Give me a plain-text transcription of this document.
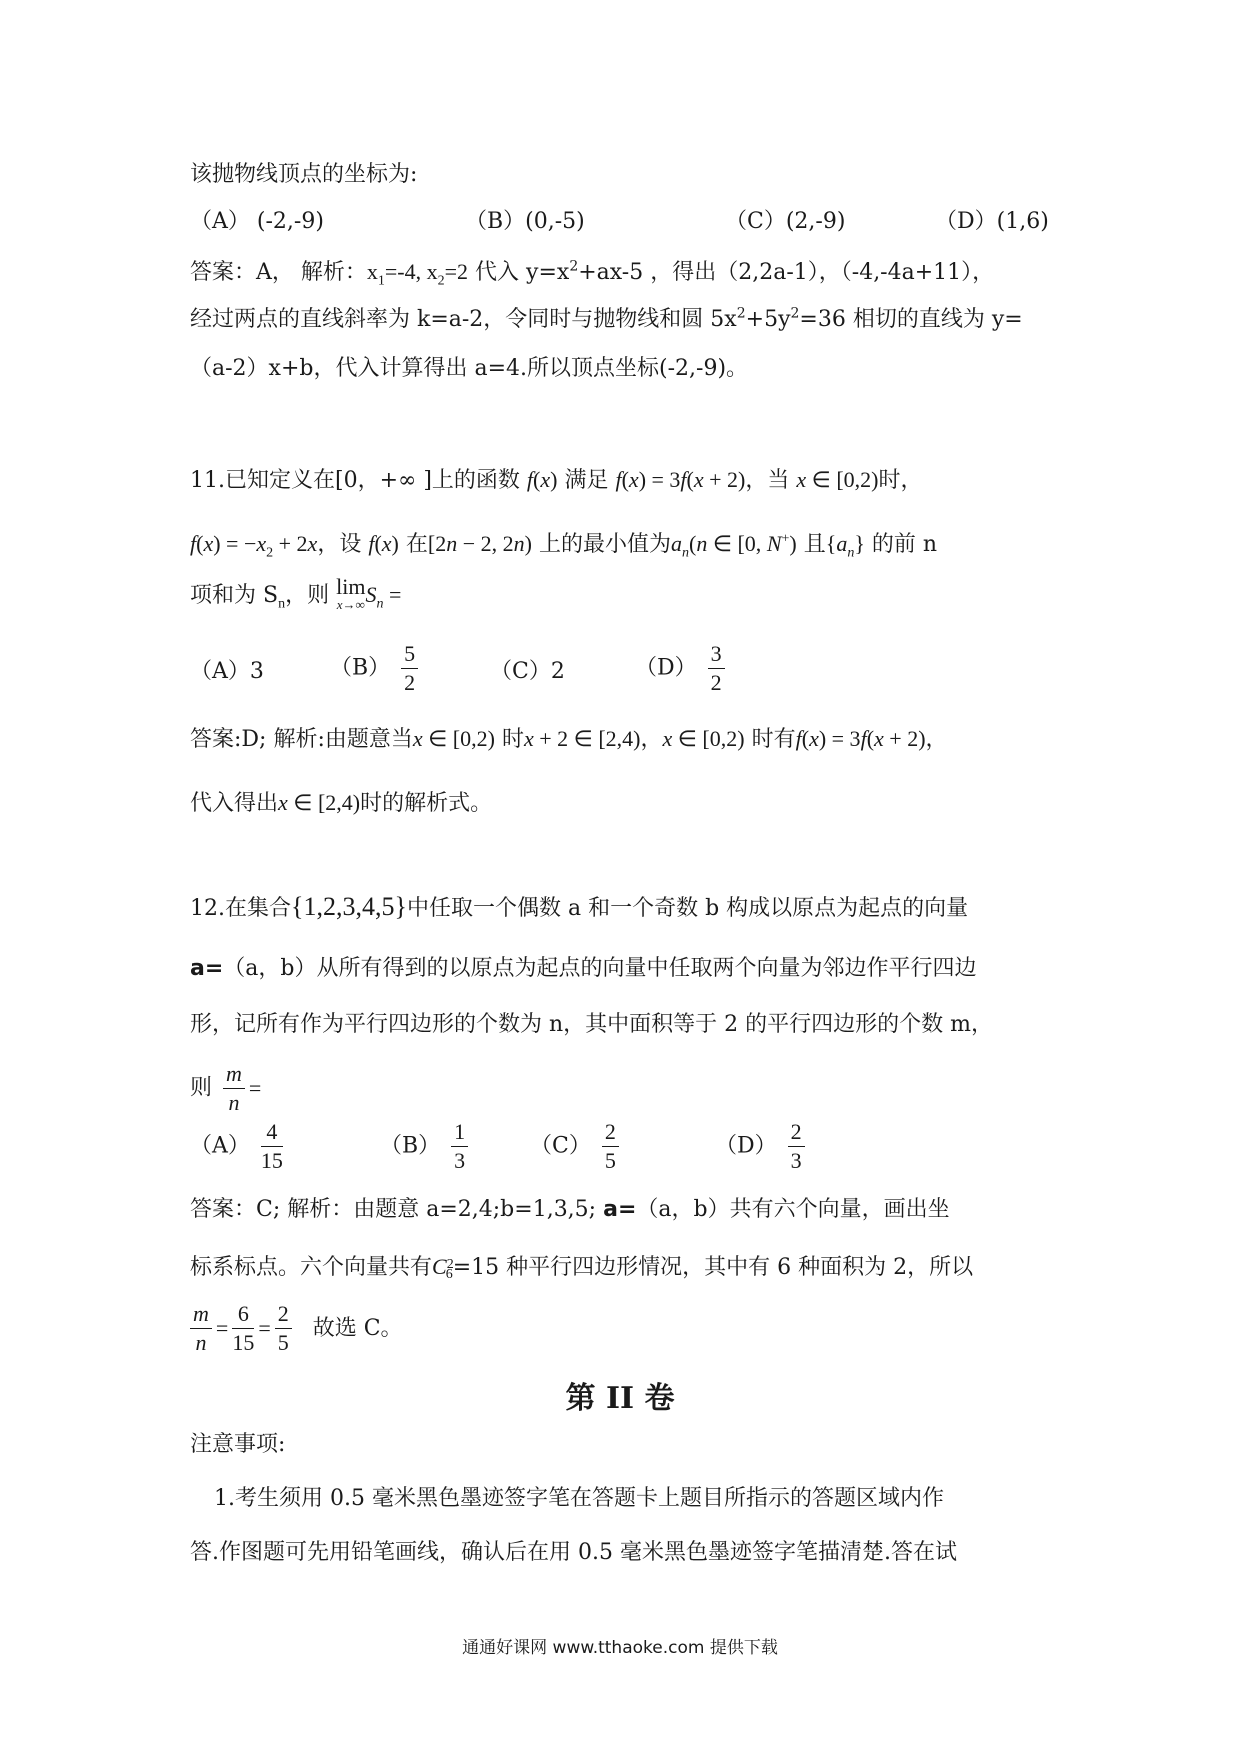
该抛物线顶点的坐标为:
（A） (-2,-9)	（B）(0,-5)	（C）(2,-9)	（D）(1,6)
答案：A， 解析：$x_1=-4$, $x_2=2$ 代入 $y=x^2+ax-5$ ，得出（2,2a-1），（-4,-4a+11），
经过两点的直线斜率为 k=a-2，令同时与抛物线和圆 $5x^2+5y^2=36$ 相切的直线为 y=
（a-2）x+b，代入计算得出 a=4.所以顶点坐标(-2,-9)。
11.已知定义在[0，+∞ ]上的函数 f(x) 满足 f(x) = 3f(x + 2)，当 x ∈ [0,2)时，
$f(x) = -x_2 + 2x$，设 f(x) 在[2n − 2, 2n) 上的最小值为$a_n(n$ ∈ [0, N+) 且$\{a_n\}$ 的前 n
项和为 $S_n$，则 lim
x→∞ $S_n$ =
（A）3	$(B) \frac{5}{2}$	（C）2	$(D) \frac{3}{2}$
答案:D; 解析:由题意当x ∈ [0,2) 时x + 2 ∈ [2,4)，x ∈ [0,2) 时有f(x) = 3f(x + 2)，
代入得出x ∈ [2,4)时的解析式。
12.在集合{1,2,3,4,5}中任取一个偶数 a 和一个奇数 b 构成以原点为起点的向量
a=（a，b）从所有得到的以原点为起点的向量中任取两个向量为邻边作平行四边
形，记所有作为平行四边形的个数为 n，其中面积等于 2 的平行四边形的个数 m，
则 $\frac{m}{n}$ =
$(A) \frac{4}{15}$	$(B) \frac{1}{3}$	$(C) \frac{2}{5}$	$(D) \frac{2}{3}$
答案：C; 解析：由题意 a=2,4;b=1,3,5; a=（a，b）共有六个向量，画出坐
标系标点。六个向量共有$C^2_6=15$ 种平行四边形情况，其中有 6 种面积为 2，所以
$\frac{m}{n} = \frac{6}{15} = \frac{2}{5}$ 故选 C。
第 II 卷
注意事项:
1.考生须用 0.5 毫米黑色墨迹签字笔在答题卡上题目所指示的答题区域内作
答.作图题可先用铅笔画线，确认后在用 0.5 毫米黑色墨迹签字笔描清楚.答在试
通通好课网 www.tthaoke.com 提供下载
